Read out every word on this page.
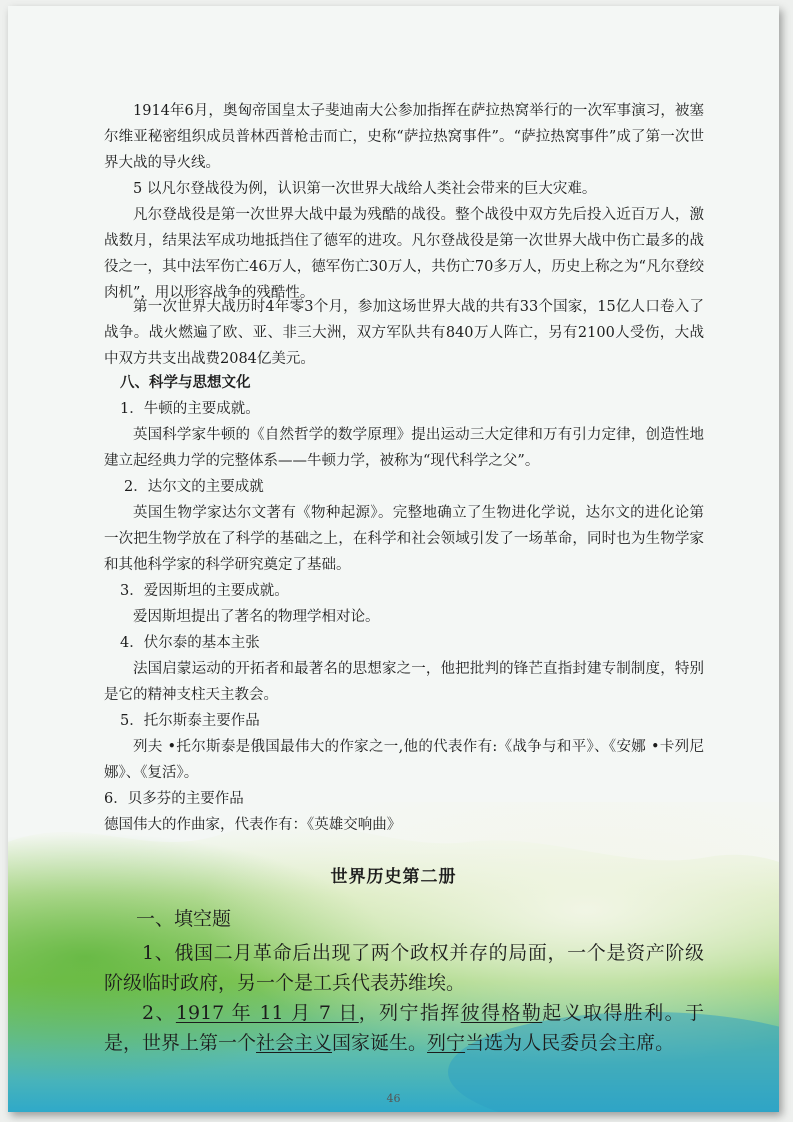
1914年6月，奥匈帝国皇太子斐迪南大公参加指挥在萨拉热窝举行的一次军事演习，被塞尔维亚秘密组织成员普林西普枪击而亡，史称“萨拉热窝事件”。“萨拉热窝事件”成了第一次世界大战的导火线。

5 以凡尔登战役为例，认识第一次世界大战给人类社会带来的巨大灾难。

凡尔登战役是第一次世界大战中最为残酷的战役。整个战役中双方先后投入近百万人，激战数月，结果法军成功地抵挡住了德军的进攻。凡尔登战役是第一次世界大战中伤亡最多的战役之一，其中法军伤亡46万人，德军伤亡30万人，共伤亡70多万人，历史上称之为“凡尔登绞肉机”，用以形容战争的残酷性。

第一次世界大战历时4年零3个月，参加这场世界大战的共有33个国家，15亿人口卷入了战争。战火燃遍了欧、亚、非三大洲，双方军队共有840万人阵亡，另有2100人受伤，大战中双方共支出战费2084亿美元。

八、科学与思想文化

1．牛顿的主要成就。

英国科学家牛顿的《自然哲学的数学原理》提出运动三大定律和万有引力定律，创造性地建立起经典力学的完整体系——牛顿力学，被称为“现代科学之父”。

2．达尔文的主要成就

英国生物学家达尔文著有《物种起源》。完整地确立了生物进化学说，达尔文的进化论第一次把生物学放在了科学的基础之上，在科学和社会领域引发了一场革命，同时也为生物学家和其他科学家的科学研究奠定了基础。

3．爱因斯坦的主要成就。

爱因斯坦提出了著名的物理学相对论。

4．伏尔泰的基本主张

法国启蒙运动的开拓者和最著名的思想家之一，他把批判的锋芒直指封建专制制度，特别是它的精神支柱天主教会。

5．托尔斯泰主要作品

列夫 •托尔斯泰是俄国最伟大的作家之一,他的代表作有:《战争与和平》、《安娜 •卡列尼娜》、《复活》。

6．贝多芬的主要作品

德国伟大的作曲家，代表作有：《英雄交响曲》

世界历史第二册

一、填空题

1、俄国二月革命后出现了两个政权并存的局面，一个是资产阶级阶级临时政府，另一个是工兵代表苏维埃。

2、1917 年 11 月 7 日，列宁指挥彼得格勒起义取得胜利。于是，世界上第一个社会主义国家诞生。列宁当选为人民委员会主席。

46
